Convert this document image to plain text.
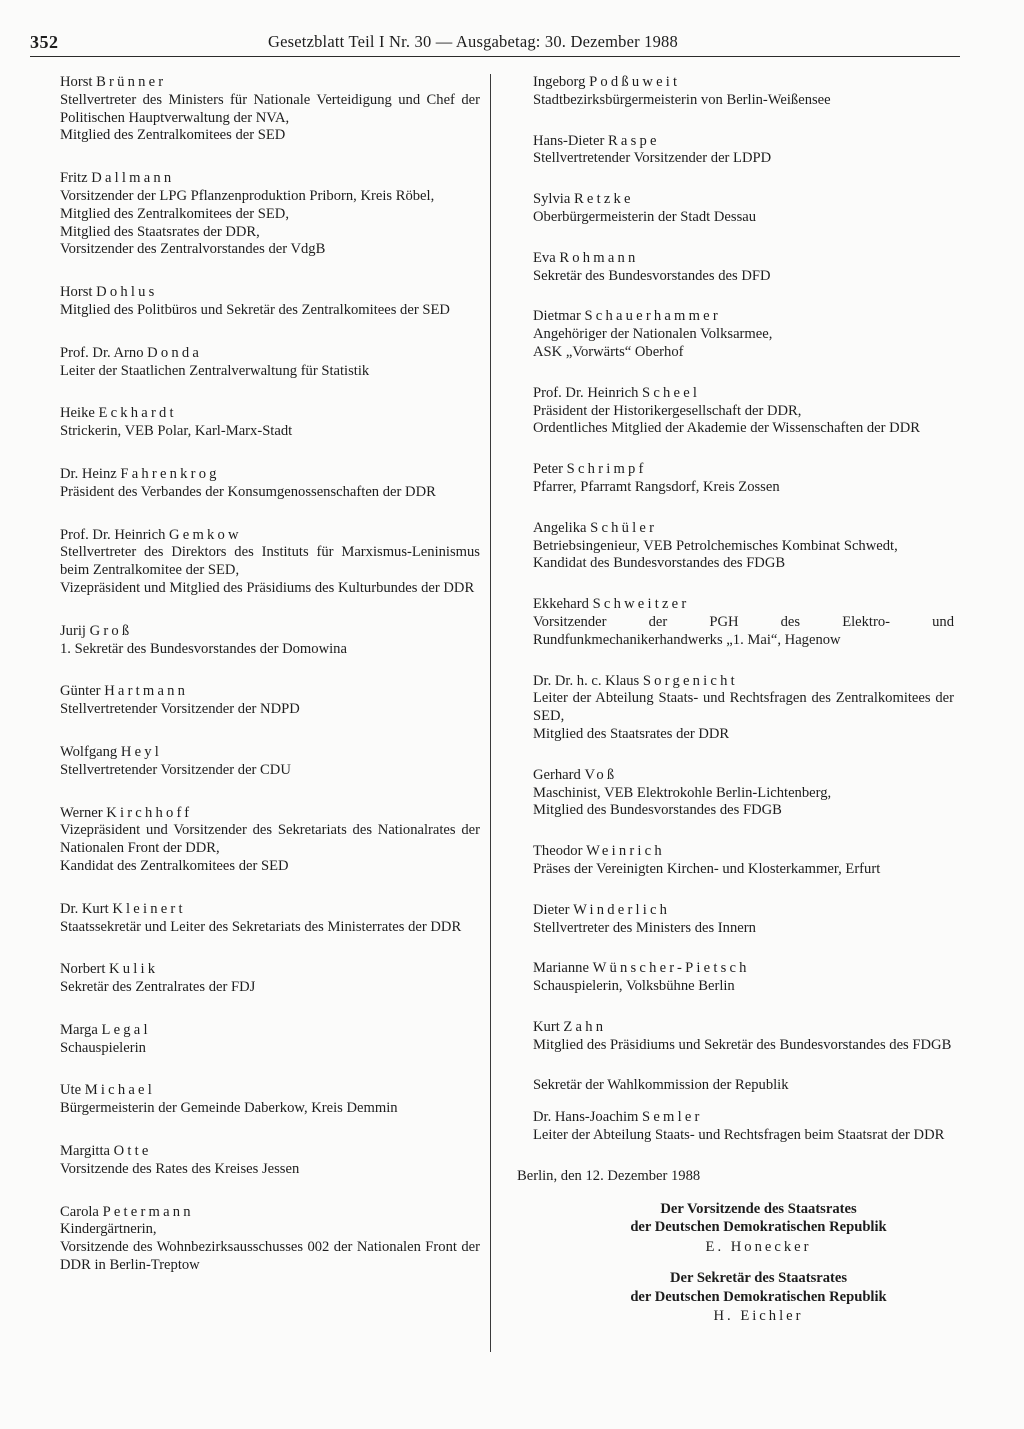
352	Gesetzblatt Teil I Nr. 30 — Ausgabetag: 30. Dezember 1988
Horst Brünner
Stellvertreter des Ministers für Nationale Verteidigung und Chef der Politischen Hauptverwaltung der NVA,
Mitglied des Zentralkomitees der SED
Fritz Dallmann
Vorsitzender der LPG Pflanzenproduktion Priborn, Kreis Röbel,
Mitglied des Zentralkomitees der SED,
Mitglied des Staatsrates der DDR,
Vorsitzender des Zentralvorstandes der VdgB
Horst Dohlus
Mitglied des Politbüros und Sekretär des Zentralkomitees der SED
Prof. Dr. Arno Donda
Leiter der Staatlichen Zentralverwaltung für Statistik
Heike Eckhardt
Strickerin, VEB Polar, Karl-Marx-Stadt
Dr. Heinz Fahrenkrog
Präsident des Verbandes der Konsumgenossenschaften der DDR
Prof. Dr. Heinrich Gemkow
Stellvertreter des Direktors des Instituts für Marxismus-Leninismus beim Zentralkomitee der SED,
Vizepräsident und Mitglied des Präsidiums des Kulturbundes der DDR
Jurij Groß
1. Sekretär des Bundesvorstandes der Domowina
Günter Hartmann
Stellvertretender Vorsitzender der NDPD
Wolfgang Heyl
Stellvertretender Vorsitzender der CDU
Werner Kirchhoff
Vizepräsident und Vorsitzender des Sekretariats des Nationalrates der Nationalen Front der DDR,
Kandidat des Zentralkomitees der SED
Dr. Kurt Kleinert
Staatssekretär und Leiter des Sekretariats des Ministerrates der DDR
Norbert Kulik
Sekretär des Zentralrates der FDJ
Marga Legal
Schauspielerin
Ute Michael
Bürgermeisterin der Gemeinde Daberkow, Kreis Demmin
Margitta Otte
Vorsitzende des Rates des Kreises Jessen
Carola Petermann
Kindergärtnerin,
Vorsitzende des Wohnbezirksausschusses 002 der Nationalen Front der DDR in Berlin-Treptow
Ingeborg Podßuweit
Stadtbezirksbürgermeisterin von Berlin-Weißensee
Hans-Dieter Raspe
Stellvertretender Vorsitzender der LDPD
Sylvia Retzke
Oberbürgermeisterin der Stadt Dessau
Eva Rohmann
Sekretär des Bundesvorstandes des DFD
Dietmar Schauerhammer
Angehöriger der Nationalen Volksarmee,
ASK „Vorwärts“ Oberhof
Prof. Dr. Heinrich Scheel
Präsident der Historikergesellschaft der DDR,
Ordentliches Mitglied der Akademie der Wissenschaften der DDR
Peter Schrimpf
Pfarrer, Pfarramt Rangsdorf, Kreis Zossen
Angelika Schüler
Betriebsingenieur, VEB Petrolchemisches Kombinat Schwedt,
Kandidat des Bundesvorstandes des FDGB
Ekkehard Schweitzer
Vorsitzender der PGH des Elektro- und Rundfunkmechanikerhandwerks „1. Mai“, Hagenow
Dr. Dr. h. c. Klaus Sorgenicht
Leiter der Abteilung Staats- und Rechtsfragen des Zentralkomitees der SED,
Mitglied des Staatsrates der DDR
Gerhard Voß
Maschinist, VEB Elektrokohle Berlin-Lichtenberg,
Mitglied des Bundesvorstandes des FDGB
Theodor Weinrich
Präses der Vereinigten Kirchen- und Klosterkammer, Erfurt
Dieter Winderlich
Stellvertreter des Ministers des Innern
Marianne Wünscher-Pietsch
Schauspielerin, Volksbühne Berlin
Kurt Zahn
Mitglied des Präsidiums und Sekretär des Bundesvorstandes des FDGB
Sekretär der Wahlkommission der Republik
Dr. Hans-Joachim Semler
Leiter der Abteilung Staats- und Rechtsfragen beim Staatsrat der DDR
Berlin, den 12. Dezember 1988
Der Vorsitzende des Staatsrates
der Deutschen Demokratischen Republik
E. Honecker
Der Sekretär des Staatsrates
der Deutschen Demokratischen Republik
H. Eichler
